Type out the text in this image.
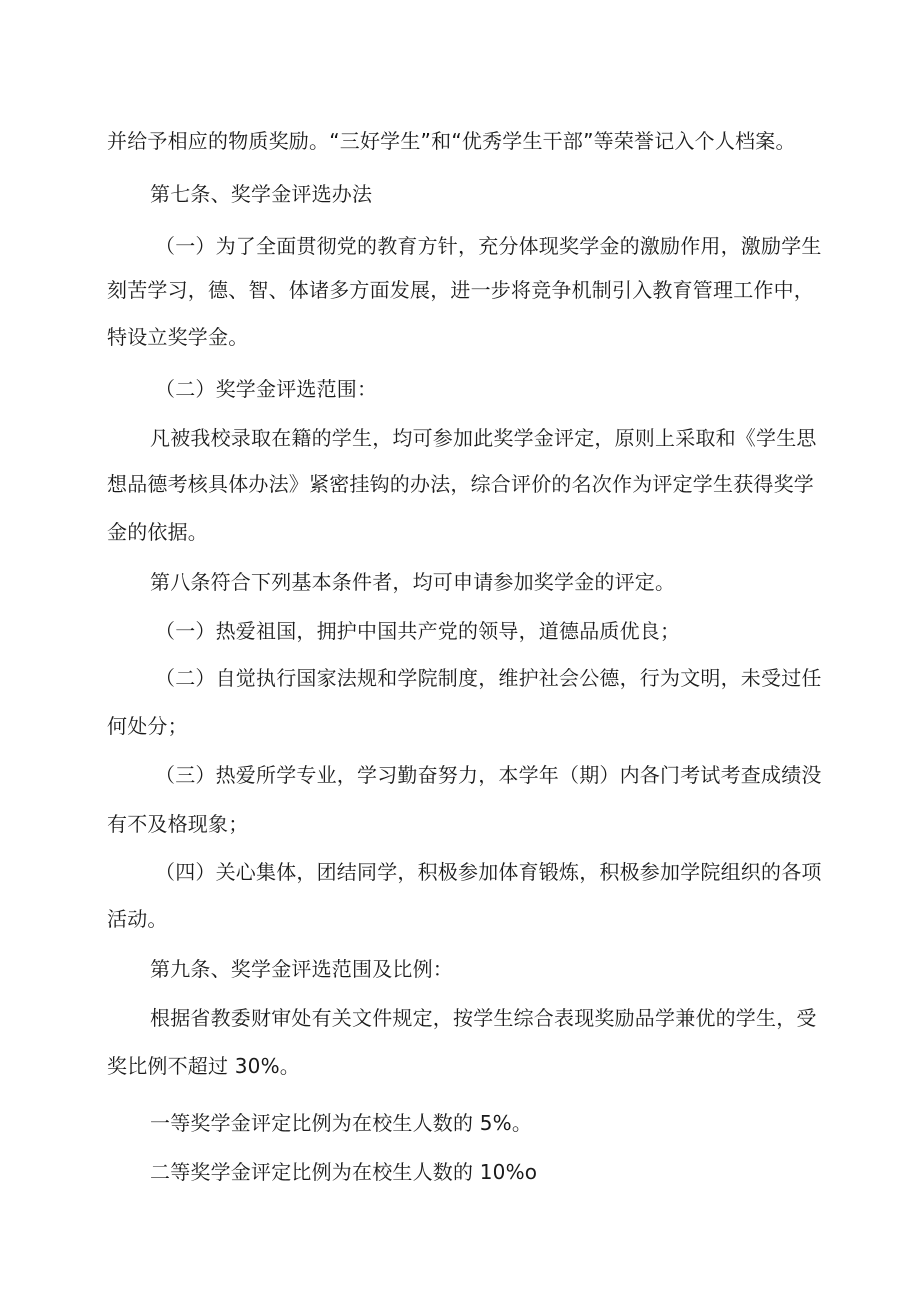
并给予相应的物质奖励。“三好学生”和“优秀学生干部”等荣誉记入个人档案。

第七条、奖学金评选办法

（一）为了全面贯彻党的教育方针，充分体现奖学金的激励作用，激励学生

刻苦学习，德、智、体诸多方面发展，进一步将竞争机制引入教育管理工作中，

特设立奖学金。

（二）奖学金评选范围：

凡被我校录取在籍的学生，均可参加此奖学金评定，原则上采取和《学生思

想品德考核具体办法》紧密挂钩的办法，综合评价的名次作为评定学生获得奖学

金的依据。

第八条符合下列基本条件者，均可申请参加奖学金的评定。

（一）热爱祖国，拥护中国共产党的领导，道德品质优良；

（二）自觉执行国家法规和学院制度，维护社会公德，行为文明，未受过任

何处分；

（三）热爱所学专业，学习勤奋努力，本学年（期）内各门考试考查成绩没

有不及格现象；

（四）关心集体，团结同学，积极参加体育锻炼，积极参加学院组织的各项

活动。

第九条、奖学金评选范围及比例：

根据省教委财审处有关文件规定，按学生综合表现奖励品学兼优的学生，受

奖比例不超过 30%。

一等奖学金评定比例为在校生人数的 5%。

二等奖学金评定比例为在校生人数的 10%o
